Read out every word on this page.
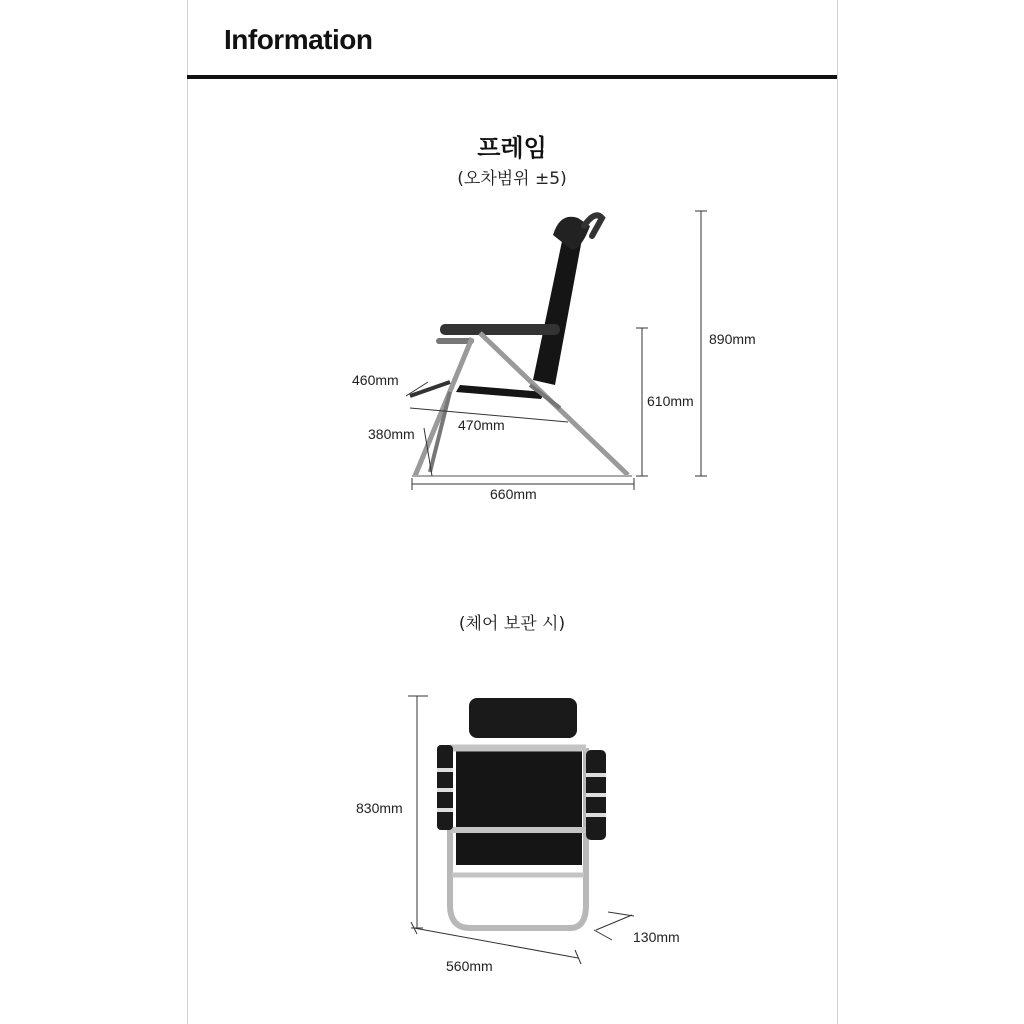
Information
프레임
(오차범위 ±5)
890mm
610mm
460mm
470mm
380mm
660mm
(체어 보관 시)
830mm
560mm
130mm
